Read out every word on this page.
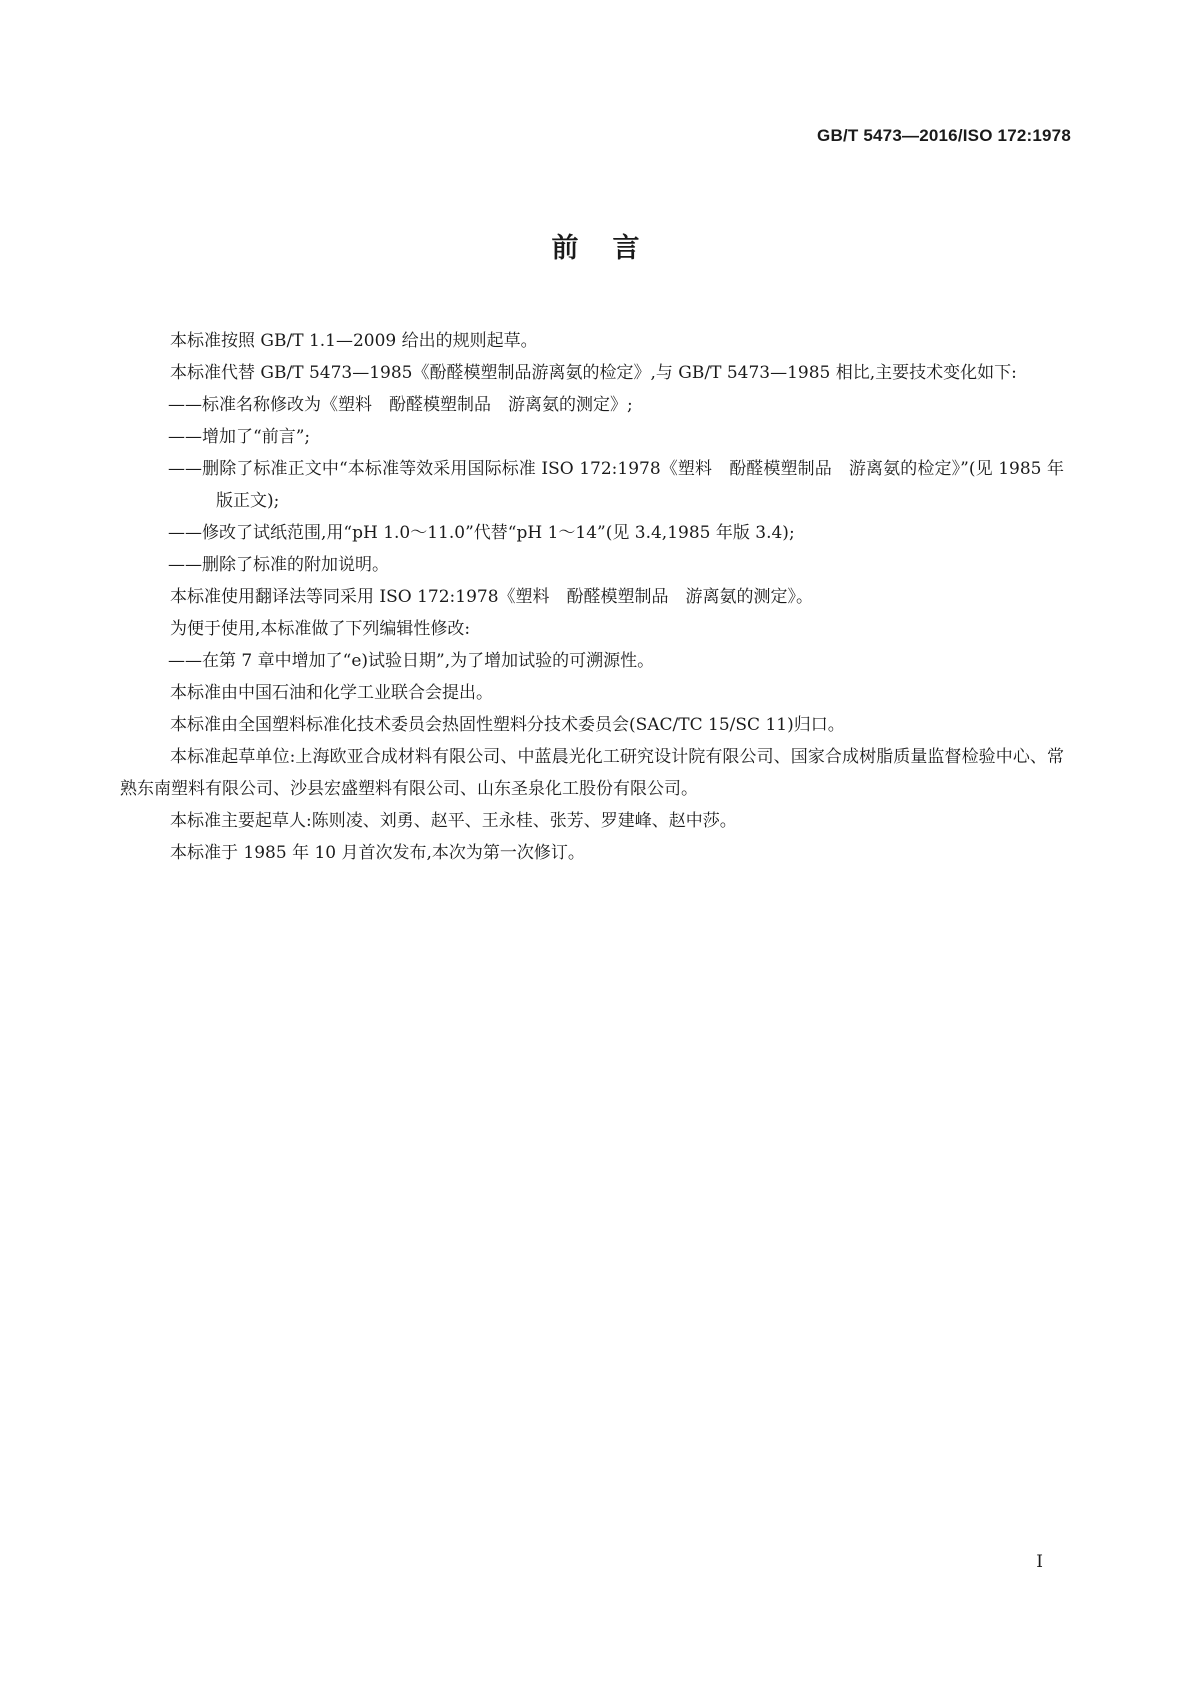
GB/T 5473—2016/ISO 172:1978
前言

本标准按照 GB/T 1.1—2009 给出的规则起草。

本标准代替 GB/T 5473—1985《酚醛模塑制品游离氨的检定》,与 GB/T 5473—1985 相比,主要技术变化如下:

——标准名称修改为《塑料　酚醛模塑制品　游离氨的测定》;

——增加了“前言”;

——删除了标准正文中“本标准等效采用国际标准 ISO 172:1978《塑料　酚醛模塑制品　游离氨的检定》”(见 1985 年版正文);

——修改了试纸范围,用“pH 1.0～11.0”代替“pH 1～14”(见 3.4,1985 年版 3.4);

——删除了标准的附加说明。

本标准使用翻译法等同采用 ISO 172:1978《塑料　酚醛模塑制品　游离氨的测定》。

为便于使用,本标准做了下列编辑性修改:

——在第 7 章中增加了“e)试验日期”,为了增加试验的可溯源性。

本标准由中国石油和化学工业联合会提出。

本标准由全国塑料标准化技术委员会热固性塑料分技术委员会(SAC/TC 15/SC 11)归口。

本标准起草单位:上海欧亚合成材料有限公司、中蓝晨光化工研究设计院有限公司、国家合成树脂质量监督检验中心、常熟东南塑料有限公司、沙县宏盛塑料有限公司、山东圣泉化工股份有限公司。

本标准主要起草人:陈则凌、刘勇、赵平、王永桂、张芳、罗建峰、赵中莎。

本标准于 1985 年 10 月首次发布,本次为第一次修订。

I
